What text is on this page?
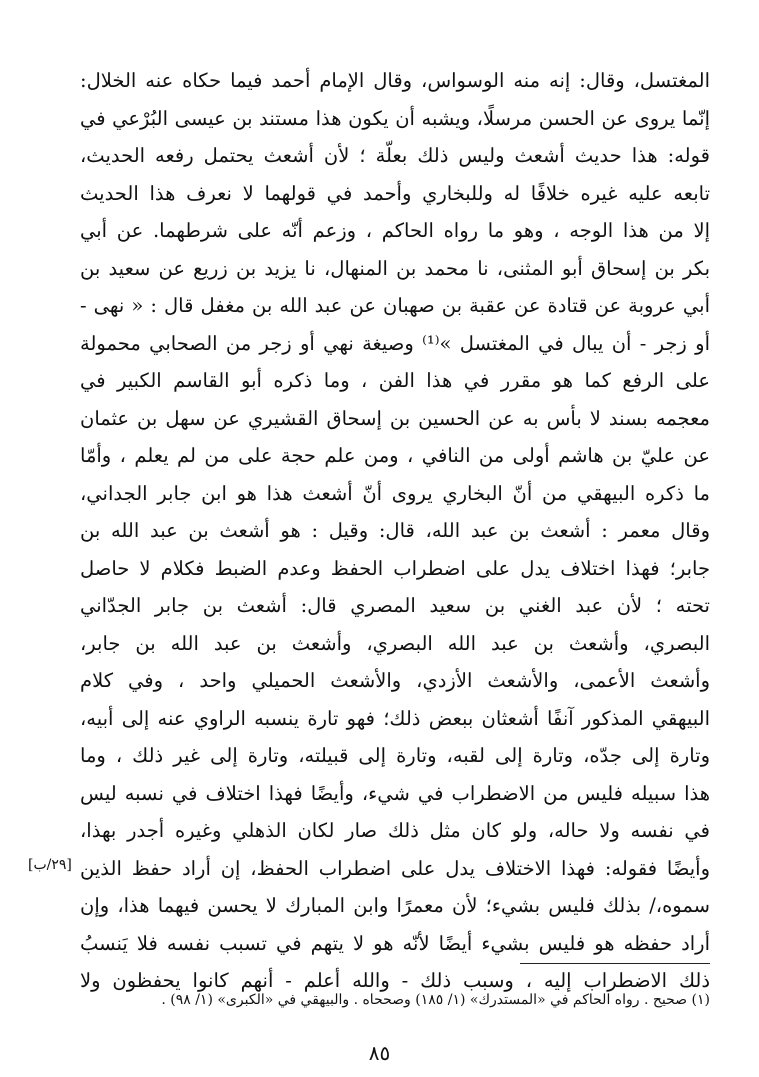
المغتسل، وقال: إنه منه الوسواس، وقال الإمام أحمد فيما حكاه عنه الخلال:
إنّما يروى عن الحسن مرسلًا، ويشبه أن يكون هذا مستند بن عيسى البُرْعي في
قوله: هذا حديث أشعث وليس ذلك بعلّة ؛ لأن أشعث يحتمل رفعه الحديث،
تابعه عليه غيره خلافًا له وللبخاري وأحمد في قولهما لا نعرف هذا الحديث
إلا من هذا الوجه ، وهو ما رواه الحاكم ، وزعم أنّه على شرطهما. عن أبي
بكر بن إسحاق أبو المثنى، نا محمد بن المنهال، نا يزيد بن زريع عن سعيد بن
أبي عروبة عن قتادة عن عقبة بن صهبان عن عبد الله بن مغفل قال : « نهى -
أو زجر - أن يبال في المغتسل »⁽¹⁾ وصيغة نهي أو زجر من الصحابي محمولة
على الرفع كما هو مقرر في هذا الفن ، وما ذكره أبو القاسم الكبير في
معجمه بسند لا بأس به عن الحسين بن إسحاق القشيري عن سهل بن عثمان
عن عليّ بن هاشم أولى من النافي ، ومن علم حجة على من لم يعلم ، وأمّا
ما ذكره البيهقي من أنّ البخاري يروى أنّ أشعث هذا هو ابن جابر الجداني،
وقال معمر : أشعث بن عبد الله، قال: وقيل : هو أشعث بن عبد الله بن
جابر؛ فهذا اختلاف يدل على اضطراب الحفظ وعدم الضبط فكلام لا حاصل
تحته ؛ لأن عبد الغني بن سعيد المصري قال: أشعث بن جابر الجدّاني
البصري، وأشعث بن عبد الله البصري، وأشعث بن عبد الله بن جابر،
وأشعث الأعمى، والأشعث الأزدي، والأشعث الحميلي واحد ، وفي كلام
البيهقي المذكور آنفًا أشعثان ببعض ذلك؛ فهو تارة ينسبه الراوي عنه إلى أبيه،
وتارة إلى جدّه، وتارة إلى لقبه، وتارة إلى قبيلته، وتارة إلى غير ذلك ، وما
هذا سبيله فليس من الاضطراب في شيء، وأيضًا فهذا اختلاف في نسبه ليس
في نفسه ولا حاله، ولو كان مثل ذلك صار لكان الذهلي وغيره أجدر بهذا،
وأيضًا فقوله: فهذا الاختلاف يدل على اضطراب الحفظ، إن أراد حفظ الذين
سموه،/ بذلك فليس بشيء؛ لأن معمرًا وابن المبارك لا يحسن فيهما هذا، وإن
أراد حفظه هو فليس بشيء أيضًا لأنّه هو لا يتهم في تسبب نفسه فلا يَنسبُ
ذلك الاضطراب إليه ، وسبب ذلك - والله أعلم - أنهم كانوا يحفظون ولا
[٢٩/ب]
(١) صحيح . رواه الحاكم في «المستدرك» (١/ ١٨٥) وصححاه . والبيهقي في «الكبرى» (١/ ٩٨) .
٨٥
